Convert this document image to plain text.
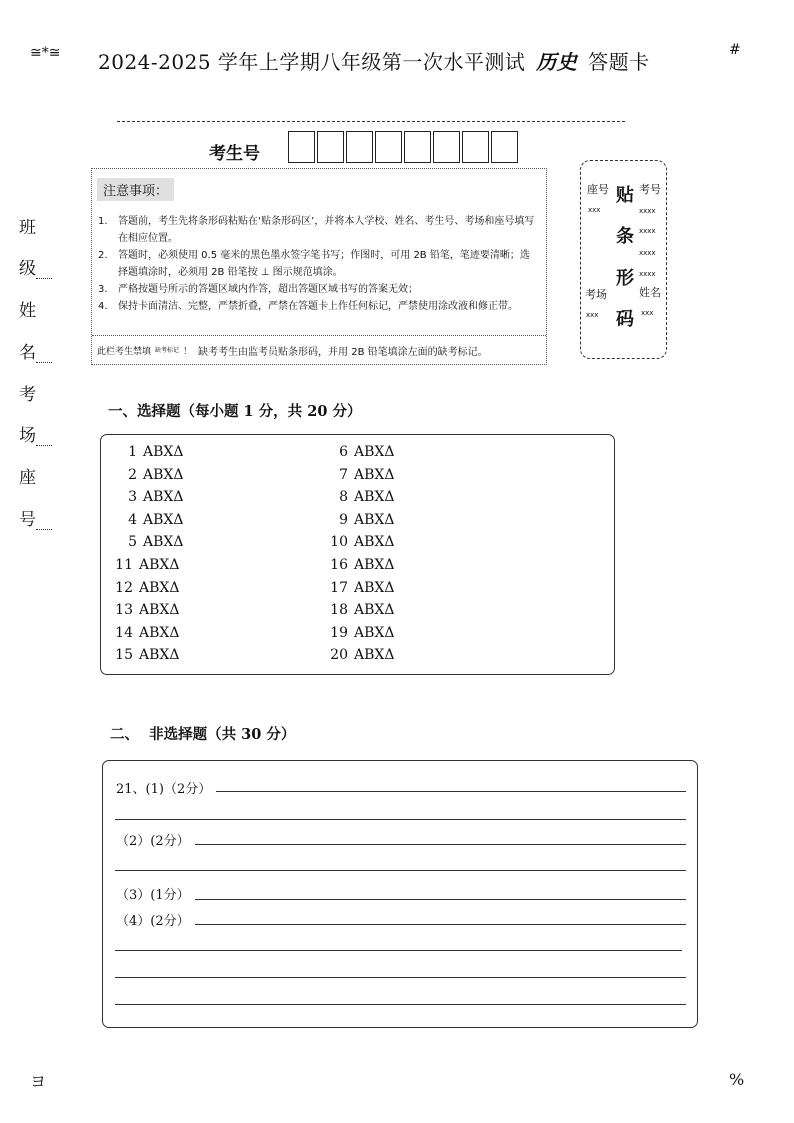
≅*≅ 2024-2025 学年上学期八年级第一次水平测试 历史 答题卡	#
考生号
注意事项：
1.	答题前，考生先将条形码粘贴在‘贴条形码区’，并将本人学校、姓名、考生号、考场和座号填写在相应位置。
2.	答题时，必须使用 0.5 毫米的黑色墨水签字笔书写；作图时，可用 2B 铅笔，笔迹要清晰；选择题填涂时，必须用 2B 铅笔按 ⊥ 图示规范填涂。
3.	严格按题号所示的答题区域内作答，超出答题区域书写的答案无效；
4.	保持卡面清洁、完整，严禁折叠，严禁在答题卡上作任何标记，严禁使用涂改液和修正带。
此栏考生禁填 缺考标记 ！ 缺考考生由监考员贴条形码，并用 2B 铅笔填涂左面的缺考标记。
座号
xxx
考号
xxxx
xxxx
xxxx
xxxx
贴
条
形
码
考场
xxx
姓名
xxx
班
级
姓
名
考
场
座
号
一、选择题（每小题 1 分，共 20 分）
1 ABXΔ	6 ABXΔ
2 ABXΔ	7 ABXΔ
3 ABXΔ	8 ABXΔ
4 ABXΔ	9 ABXΔ
5 ABXΔ	10 ABXΔ
11 ABXΔ	16 ABXΔ
12 ABXΔ	17 ABXΔ
13 ABXΔ	18 ABXΔ
14 ABXΔ	19 ABXΔ
15 ABXΔ	20 ABXΔ
二、  非选择题（共 30 分）
21、(1)（2分）
（2）(2分）
（3）(1分）
（4）(2分）
ヨ	%
